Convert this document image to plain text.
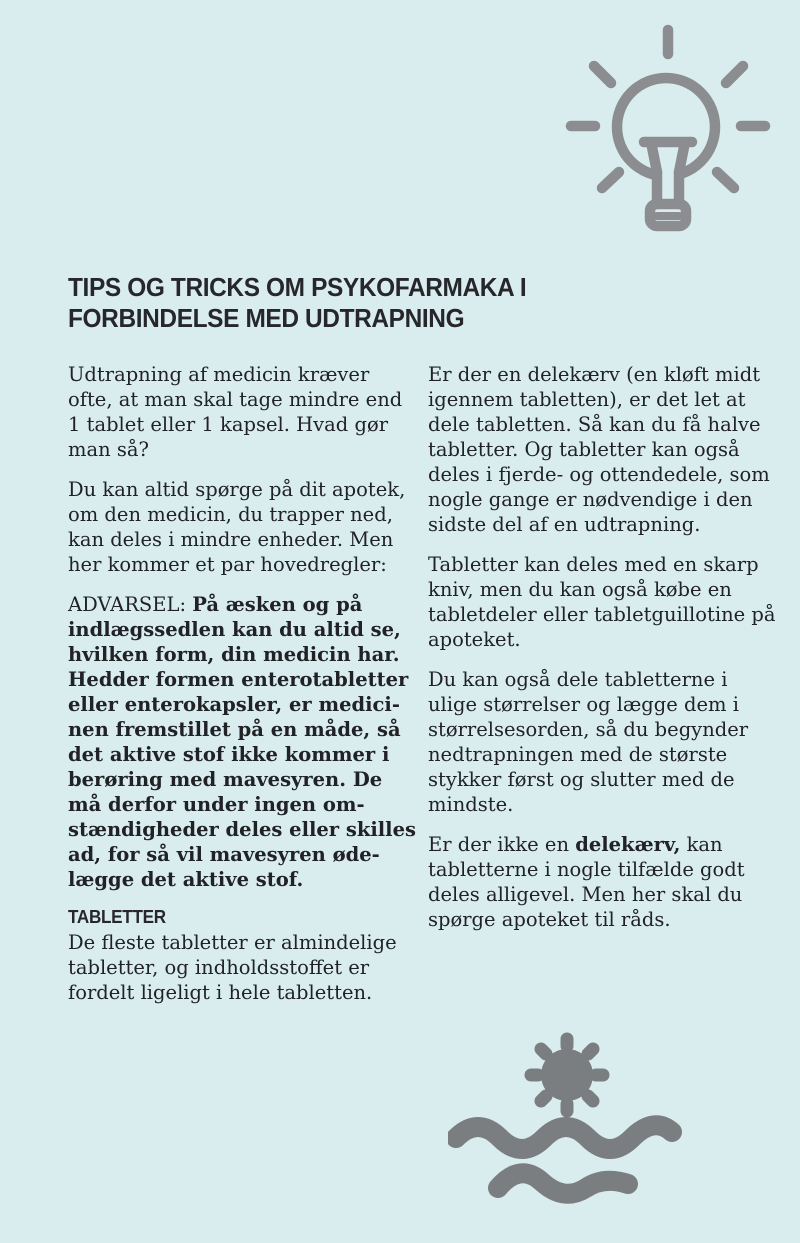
TIPS OG TRICKS OM PSYKOFARMAKA I
FORBINDELSE MED UDTRAPNING

Udtrapning af medicin kræver ofte, at man skal tage mindre end 1 tablet eller 1 kapsel. Hvad gør man så?

Du kan altid spørge på dit apotek, om den medicin, du trapper ned, kan deles i mindre enheder. Men her kommer et par hovedregler:

ADVARSEL: På æsken og på indlægssedlen kan du altid se, hvilken form, din medicin har. Hedder formen enterotabletter eller enterokapsler, er medicinen fremstillet på en måde, så det aktive stof ikke kommer i berøring med mavesyren. De må derfor under ingen omstændigheder deles eller skilles ad, for så vil mavesyren ødelægge det aktive stof.

TABLETTER

De fleste tabletter er almindelige tabletter, og indholdsstoffet er fordelt ligeligt i hele tabletten.

Er der en delekærv (en kløft midt igennem tabletten), er det let at dele tabletten. Så kan du få halve tabletter. Og tabletter kan også deles i fjerde- og ottendedele, som nogle gange er nødvendige i den sidste del af en udtrapning.

Tabletter kan deles med en skarp kniv, men du kan også købe en tabletdeler eller tabletguillotine på apoteket.

Du kan også dele tabletterne i ulige størrelser og lægge dem i størrelsesorden, så du begynder nedtrapningen med de største stykker først og slutter med de mindste.

Er der ikke en delekærv, kan tabletterne i nogle tilfælde godt deles alligevel. Men her skal du spørge apoteket til råds.
